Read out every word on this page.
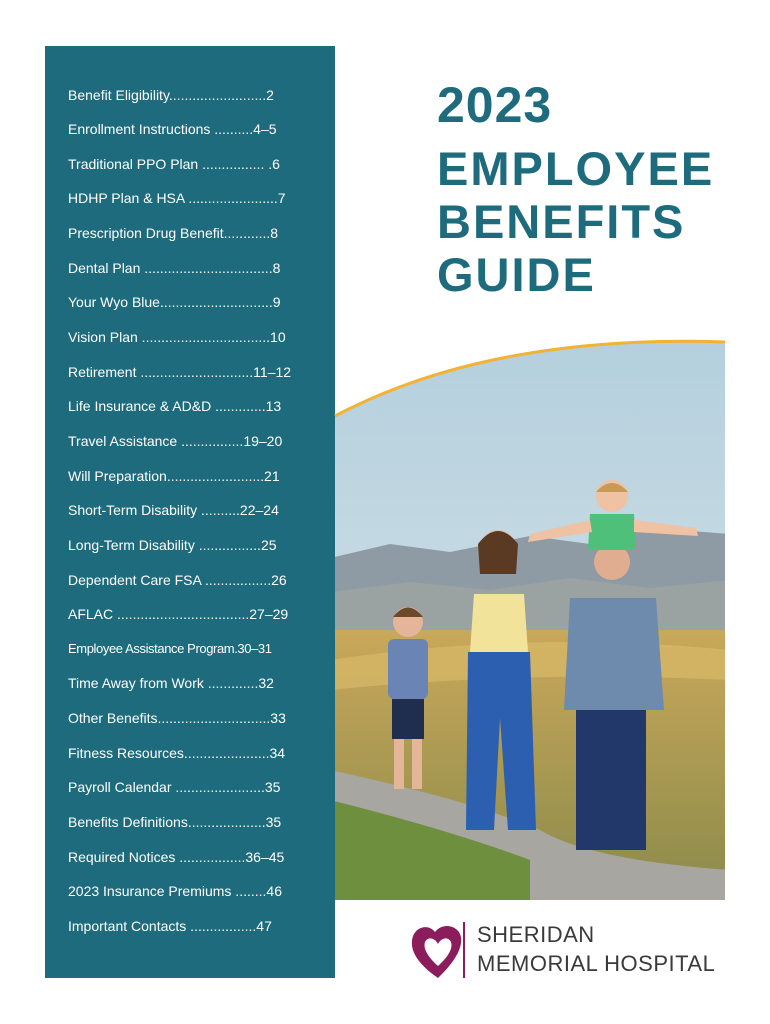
Benefit Eligibility.........................2
Enrollment Instructions ..........4–5
Traditional PPO Plan ................ .6
HDHP Plan & HSA .......................7
Prescription Drug Benefit............8
Dental Plan .................................8
Your Wyo Blue.............................9
Vision Plan .................................10
Retirement .............................11–12
Life Insurance & AD&D .............13
Travel Assistance ................19–20
Will Preparation.........................21
Short-Term Disability ..........22–24
Long-Term Disability ................25
Dependent Care FSA .................26
AFLAC ..................................27–29
Employee Assistance Program.30–31
Time Away from Work .............32
Other Benefits.............................33
Fitness Resources......................34
Payroll Calendar .......................35
Benefits Definitions....................35
Required Notices .................36–45
2023 Insurance Premiums ........46
Important Contacts .................47
2023
EMPLOYEE
BENEFITS
GUIDE
SHERIDAN
MEMORIAL HOSPITAL
